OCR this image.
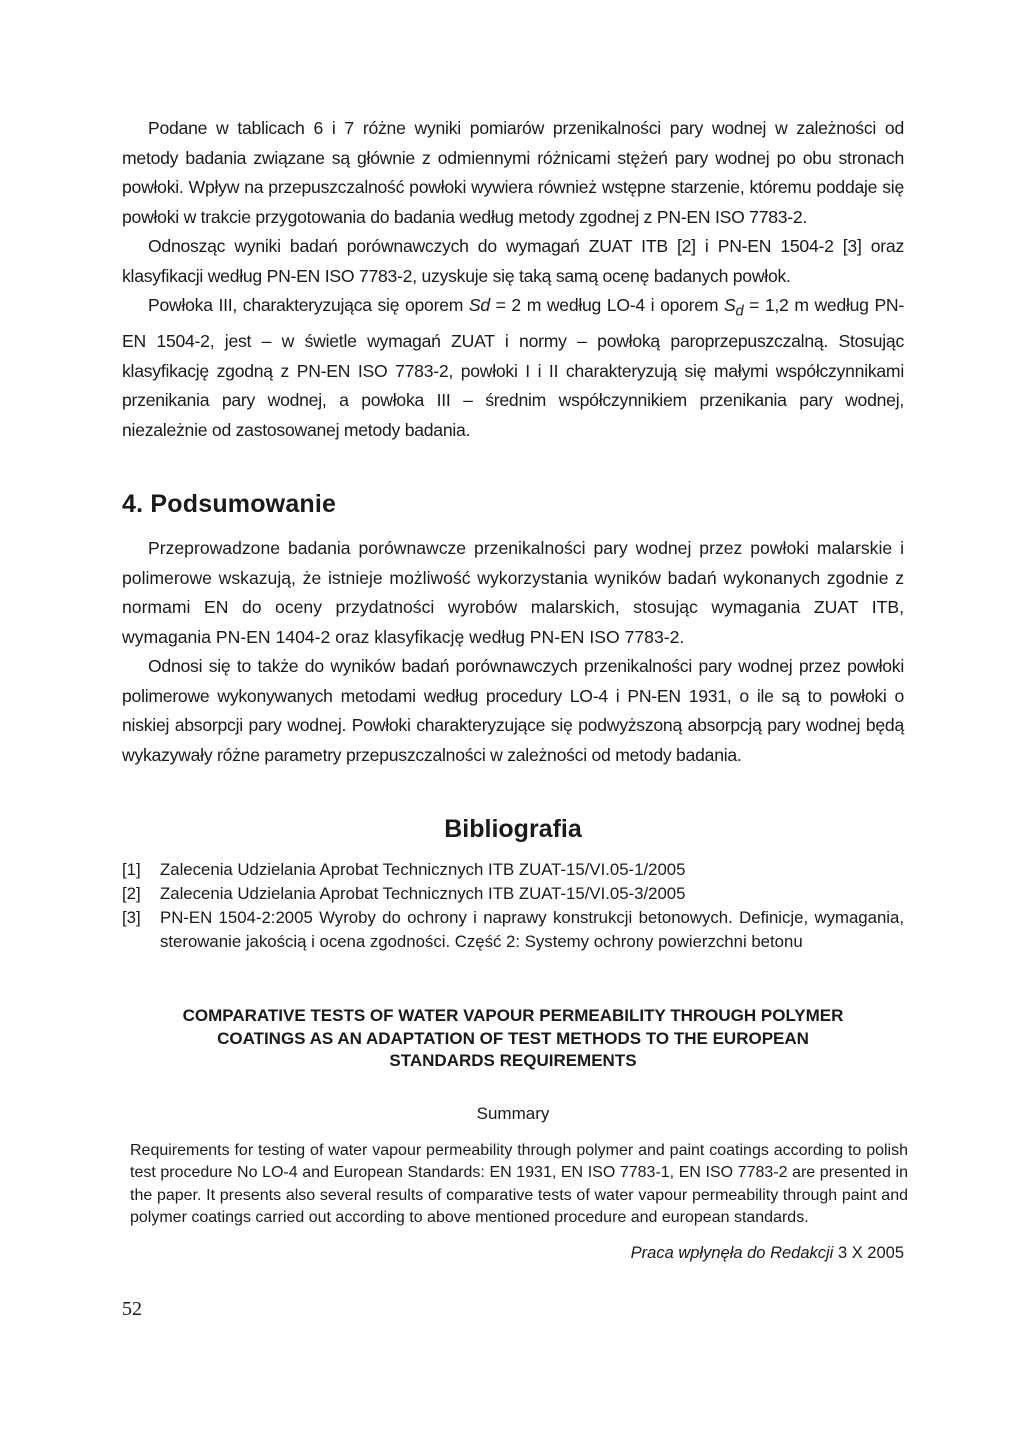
Podane w tablicach 6 i 7 różne wyniki pomiarów przenikalności pary wodnej w zależności od metody badania związane są głównie z odmiennymi różnicami stężeń pary wodnej po obu stronach powłoki. Wpływ na przepuszczalność powłoki wywiera również wstępne starzenie, któremu poddaje się powłoki w trakcie przygotowania do badania według metody zgodnej z PN-EN ISO 7783-2.

Odnosząc wyniki badań porównawczych do wymagań ZUAT ITB [2] i PN-EN 1504-2 [3] oraz klasyfikacji według PN-EN ISO 7783-2, uzyskuje się taką samą ocenę badanych powłok.

Powłoka III, charakteryzująca się oporem Sd = 2 m według LO-4 i oporem $S_d = 1,2$ m według PN-EN 1504-2, jest – w świetle wymagań ZUAT i normy – powłoką paroprzepuszczalną. Stosując klasyfikację zgodną z PN-EN ISO 7783-2, powłoki I i II charakteryzują się małymi współczynnikami przenikania pary wodnej, a powłoka III – średnim współczynnikiem przenikania pary wodnej, niezależnie od zastosowanej metody badania.

4. Podsumowanie

Przeprowadzone badania porównawcze przenikalności pary wodnej przez powłoki malarskie i polimerowe wskazują, że istnieje możliwość wykorzystania wyników badań wykonanych zgodnie z normami EN do oceny przydatności wyrobów malarskich, stosując wymagania ZUAT ITB, wymagania PN-EN 1404-2 oraz klasyfikację według PN-EN ISO 7783-2.

Odnosi się to także do wyników badań porównawczych przenikalności pary wodnej przez powłoki polimerowe wykonywanych metodami według procedury LO-4 i PN-EN 1931, o ile są to powłoki o niskiej absorpcji pary wodnej. Powłoki charakteryzujące się podwyższoną absorpcją pary wodnej będą wykazywały różne parametry przepuszczalności w zależności od metody badania.

Bibliografia
[1]	Zalecenia Udzielania Aprobat Technicznych ITB ZUAT-15/VI.05-1/2005
[2]	Zalecenia Udzielania Aprobat Technicznych ITB ZUAT-15/VI.05-3/2005
[3]	PN-EN 1504-2:2005 Wyroby do ochrony i naprawy konstrukcji betonowych. Definicje, wymagania, sterowanie jakością i ocena zgodności. Część 2: Systemy ochrony powierzchni betonu
COMPARATIVE TESTS OF WATER VAPOUR PERMEABILITY THROUGH POLYMER
COATINGS AS AN ADAPTATION OF TEST METHODS TO THE EUROPEAN
STANDARDS REQUIREMENTS
Summary

Requirements for testing of water vapour permeability through polymer and paint coatings according to polish test procedure No LO-4 and European Standards: EN 1931, EN ISO 7783-1, EN ISO 7783-2 are presented in the paper. It presents also several results of comparative tests of water vapour permeability through paint and polymer coatings carried out according to above mentioned procedure and european standards.

Praca wpłynęła do Redakcji 3 X 2005
52
